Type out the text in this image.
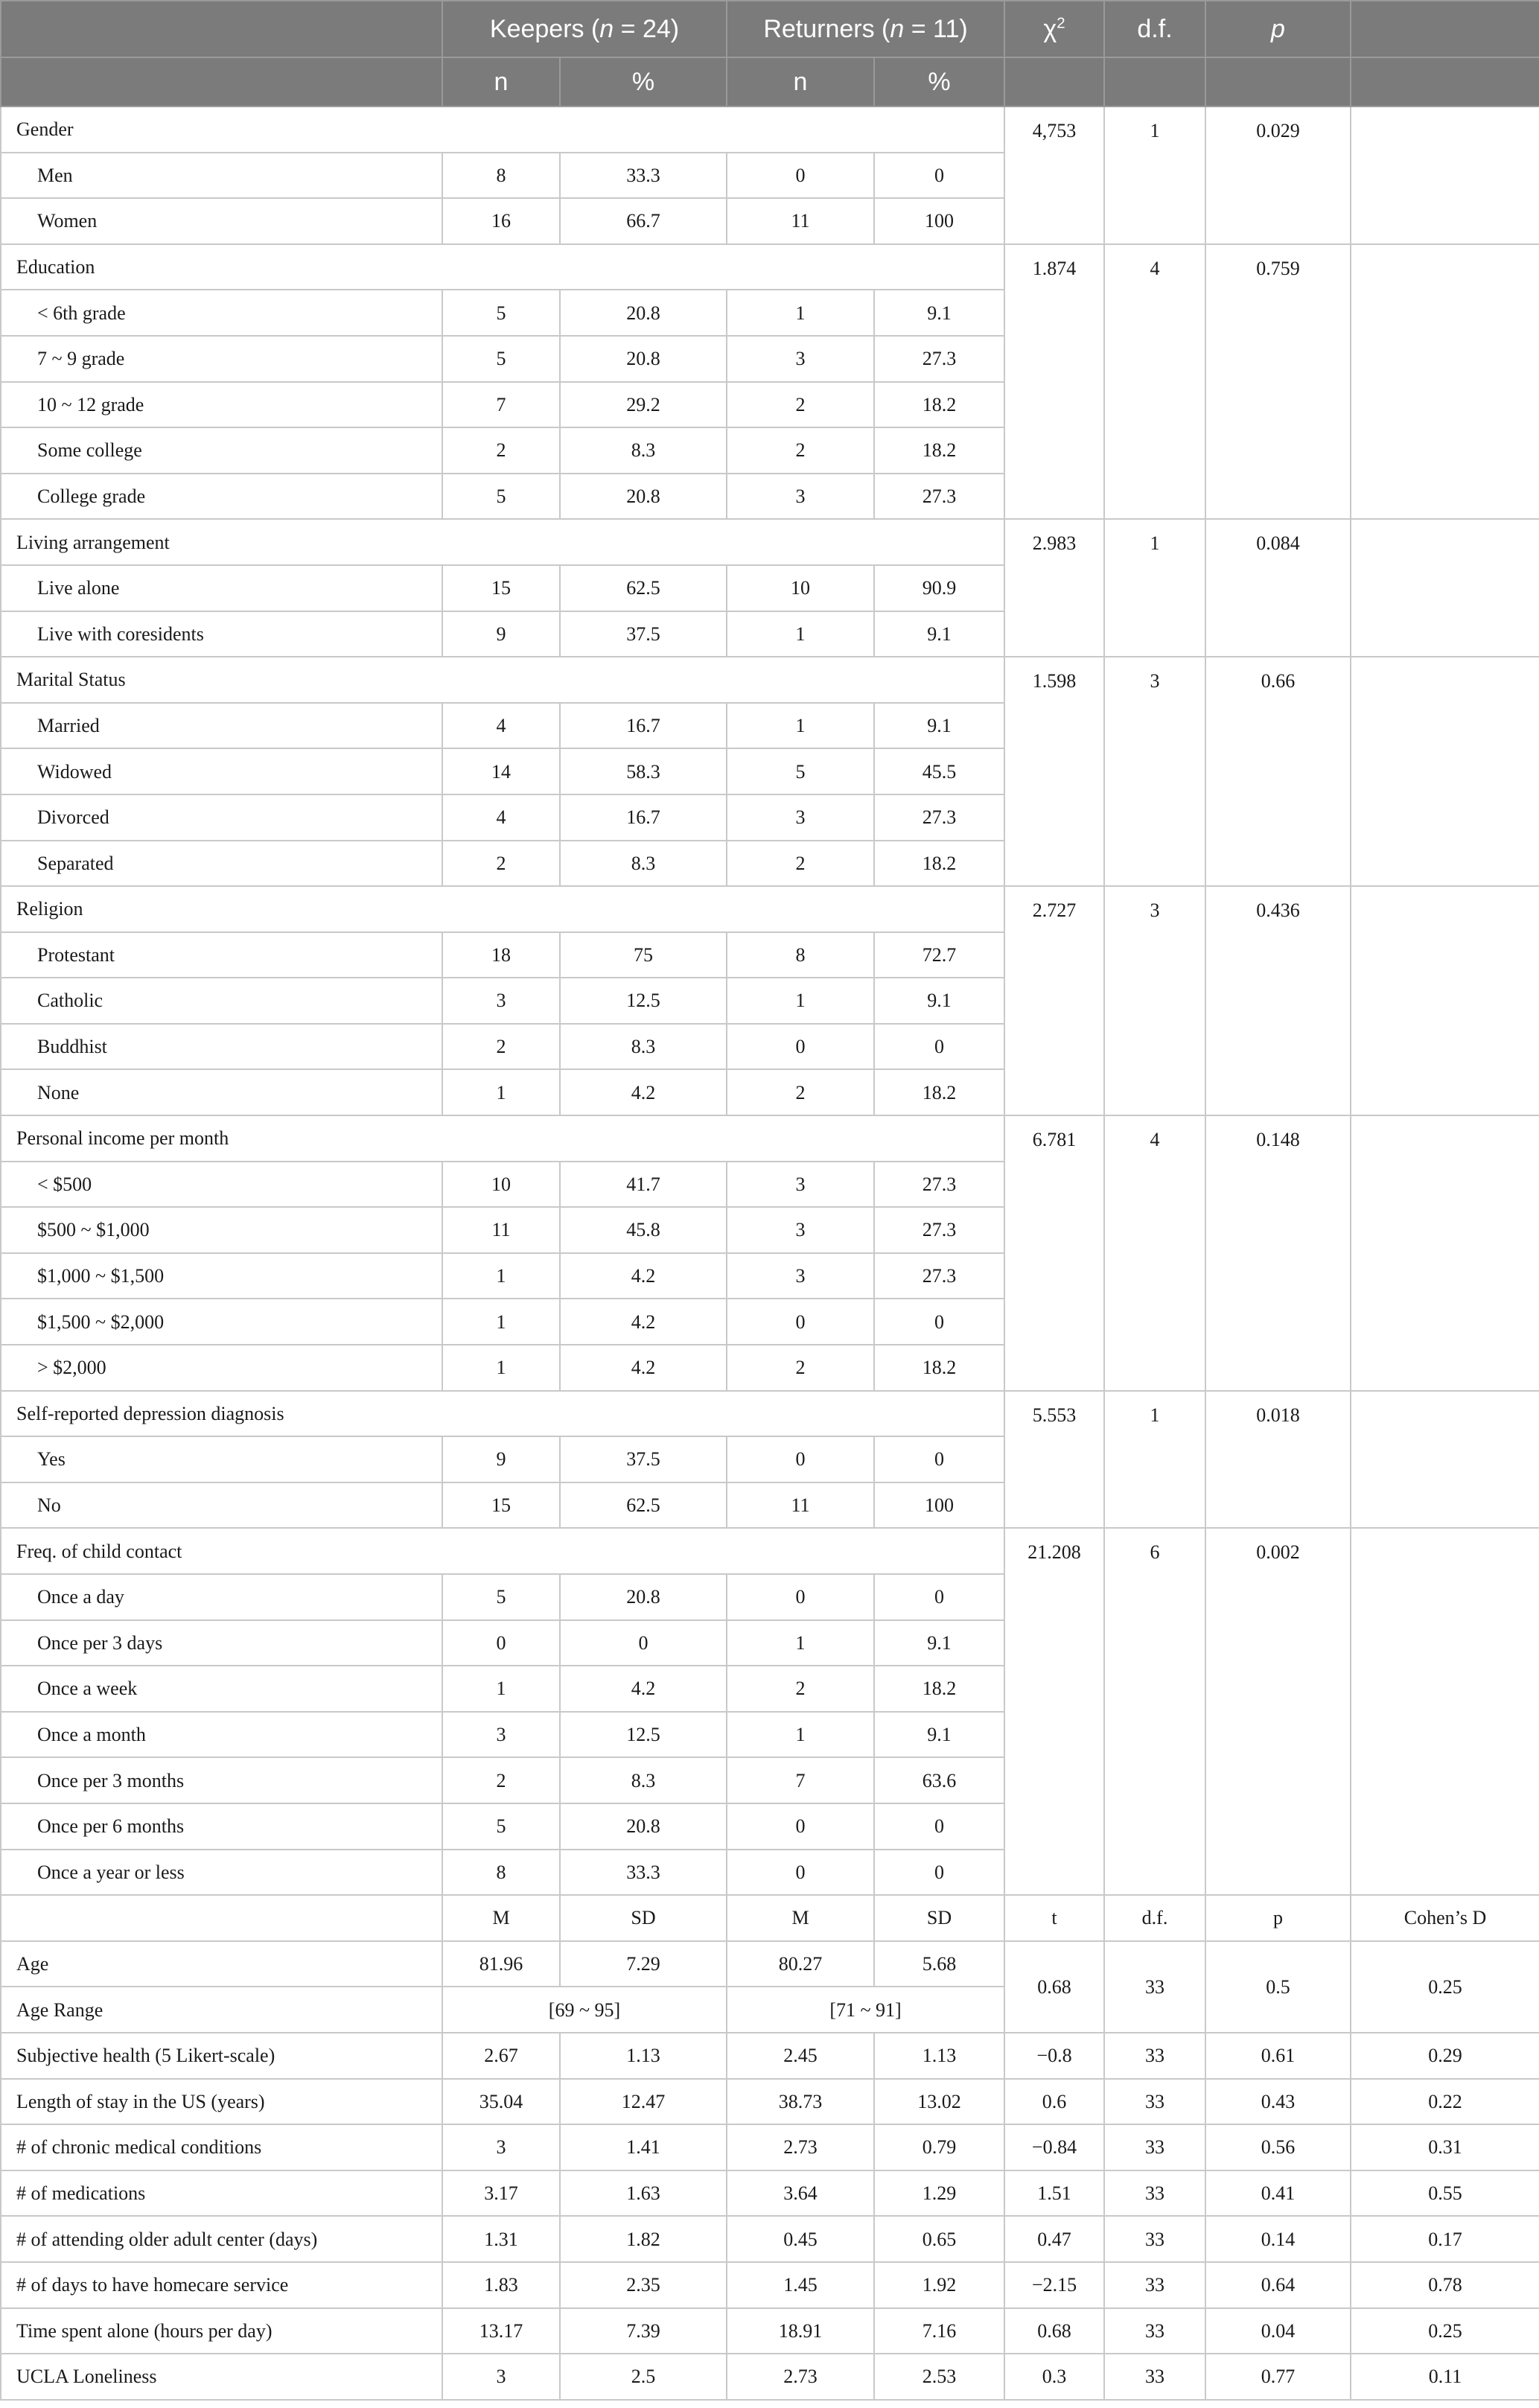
	Keepers (n = 24)		Returners (n = 11)		$\chi^2$	d.f.	p	
	n	%	n	%				
Gender					4,753	1	0.029	
Men	8	33.3	0	0				
Women	16	66.7	11	100				
Education					1.874	4	0.759	
< 6th grade	5	20.8	1	9.1				
7 ~ 9 grade	5	20.8	3	27.3				
10 ~ 12 grade	7	29.2	2	18.2				
Some college	2	8.3	2	18.2				
College grade	5	20.8	3	27.3				
Living arrangement					2.983	1	0.084	
Live alone	15	62.5	10	90.9				
Live with coresidents	9	37.5	1	9.1				
Marital Status					1.598	3	0.66	
Married	4	16.7	1	9.1				
Widowed	14	58.3	5	45.5				
Divorced	4	16.7	3	27.3				
Separated	2	8.3	2	18.2				
Religion					2.727	3	0.436	
Protestant	18	75	8	72.7				
Catholic	3	12.5	1	9.1				
Buddhist	2	8.3	0	0				
None	1	4.2	2	18.2				
Personal income per month					6.781	4	0.148	
< $500	10	41.7	3	27.3				
$500 ~ $1,000	11	45.8	3	27.3				
$1,000 ~ $1,500	1	4.2	3	27.3				
$1,500 ~ $2,000	1	4.2	0	0				
> $2,000	1	4.2	2	18.2				
Self-reported depression diagnosis					5.553	1	0.018	
Yes	9	37.5	0	0				
No	15	62.5	11	100				
Freq. of child contact					21.208	6	0.002	
Once a day	5	20.8	0	0				
Once per 3 days	0	0	1	9.1				
Once a week	1	4.2	2	18.2				
Once a month	3	12.5	1	9.1				
Once per 3 months	2	8.3	7	63.6				
Once per 6 months	5	20.8	0	0				
Once a year or less	8	33.3	0	0				
	M	SD	M	SD	t	d.f.	p	Cohen’s D
Age	81.96	7.29	80.27	5.68	0.68	33	0.5	0.25
Age Range	[69 ~ 95]		[71 ~ 91]					
Subjective health (5 Likert-scale)	2.67	1.13	2.45	1.13	−0.8	33	0.61	0.29
Length of stay in the US (years)	35.04	12.47	38.73	13.02	0.6	33	0.43	0.22
# of chronic medical conditions	3	1.41	2.73	0.79	−0.84	33	0.56	0.31
# of medications	3.17	1.63	3.64	1.29	1.51	33	0.41	0.55
# of attending older adult center (days)	1.31	1.82	0.45	0.65	0.47	33	0.14	0.17
# of days to have homecare service	1.83	2.35	1.45	1.92	−2.15	33	0.64	0.78
Time spent alone (hours per day)	13.17	7.39	18.91	7.16	0.68	33	0.04	0.25
UCLA Loneliness	3	2.5	2.73	2.53	0.3	33	0.77	0.11
